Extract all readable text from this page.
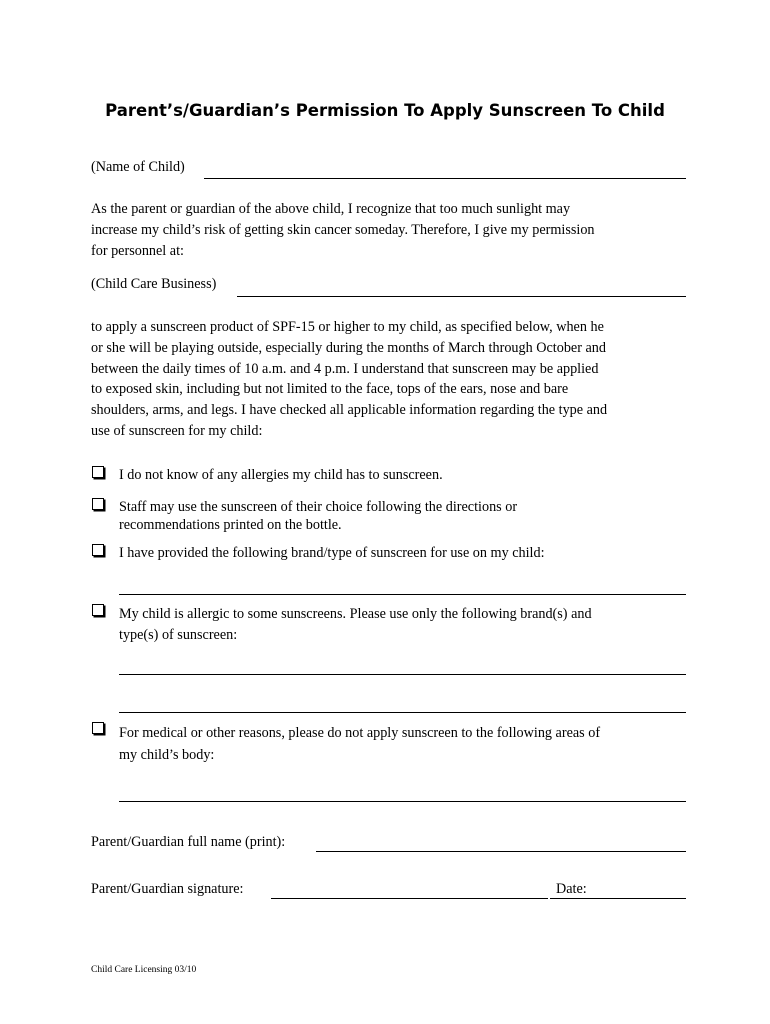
Parent’s/Guardian’s Permission To Apply Sunscreen To Child
(Name of Child)
As the parent or guardian of the above child, I recognize that too much sunlight may
increase my child’s risk of getting skin cancer someday. Therefore, I give my permission
for personnel at:
(Child Care Business)
to apply a sunscreen product of SPF-15 or higher to my child, as specified below, when he
or she will be playing outside, especially during the months of March through October and
between the daily times of 10 a.m. and 4 p.m. I understand that sunscreen may be applied
to exposed skin, including but not limited to the face, tops of the ears, nose and bare
shoulders, arms, and legs. I have checked all applicable information regarding the type and
use of sunscreen for my child:
I do not know of any allergies my child has to sunscreen.
Staff may use the sunscreen of their choice following the directions or
recommendations printed on the bottle.
I have provided the following brand/type of sunscreen for use on my child:
My child is allergic to some sunscreens. Please use only the following brand(s) and
type(s) of sunscreen:
For medical or other reasons, please do not apply sunscreen to the following areas of
my child’s body:
Parent/Guardian full name (print):
Parent/Guardian signature:	Date:
Child Care Licensing 03/10
